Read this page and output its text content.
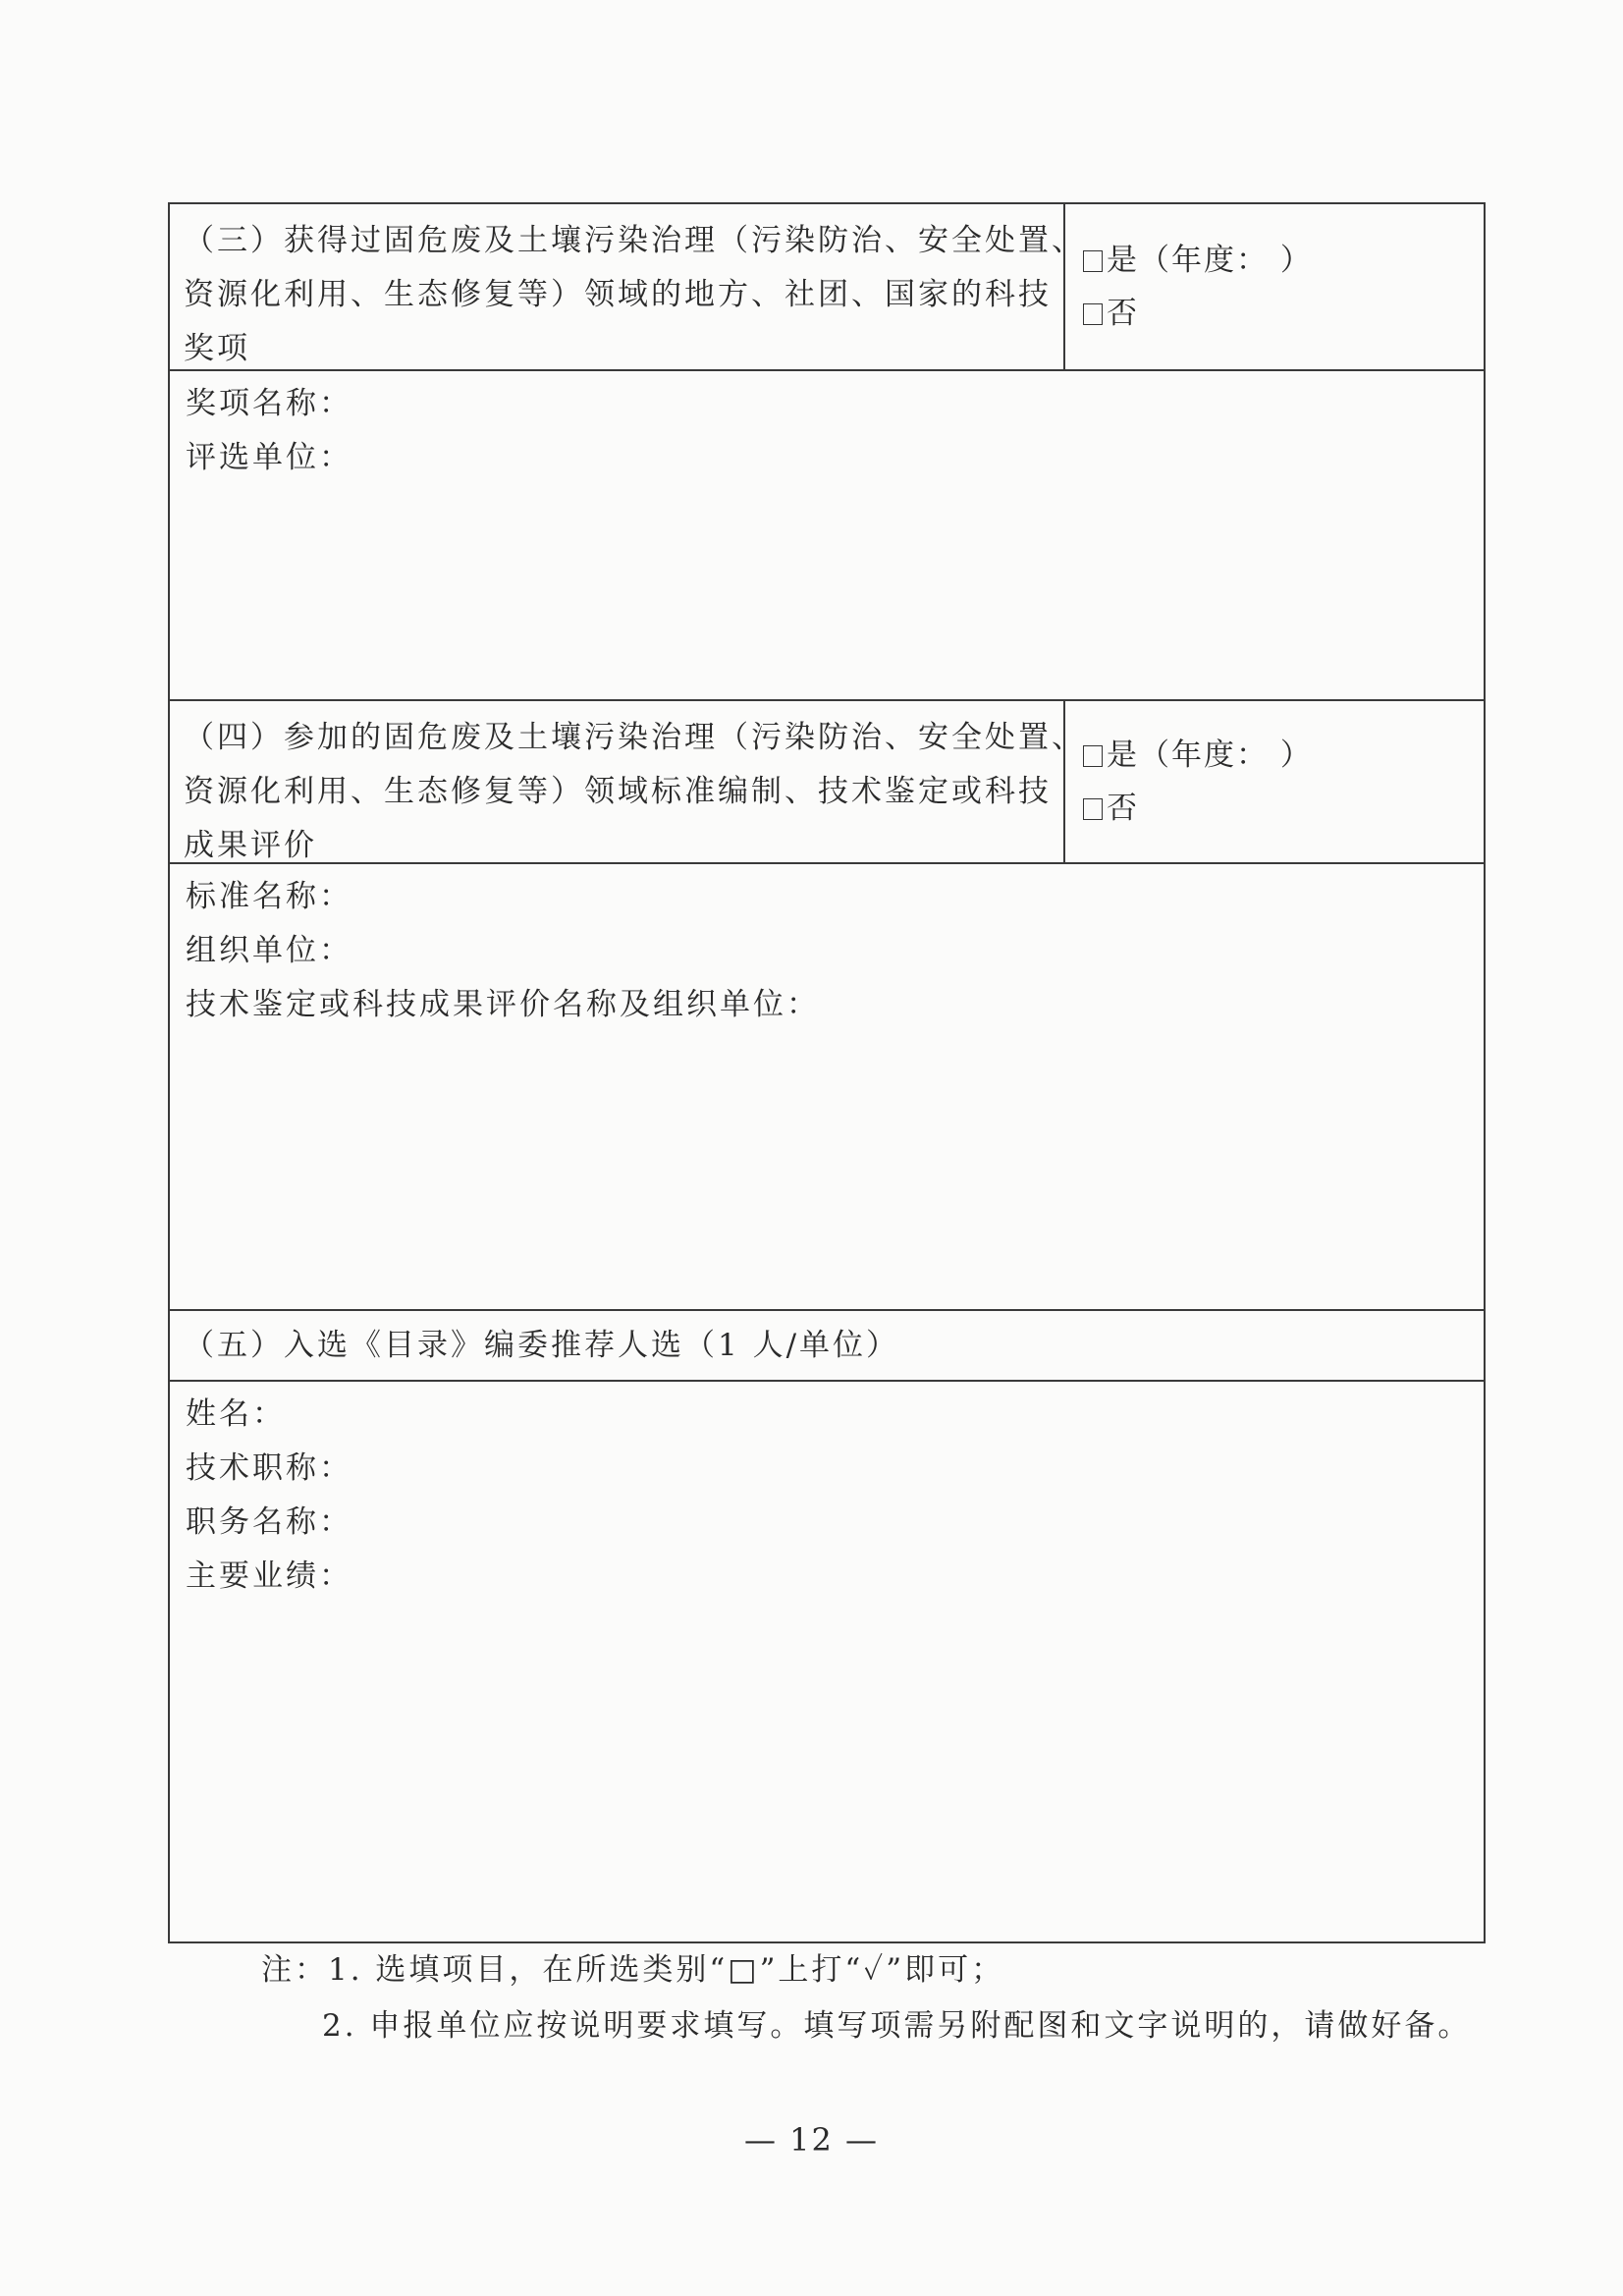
（三）获得过固危废及土壤污染治理（污染防治、安全处置、
资源化利用、生态修复等）领域的地方、社团、国家的科技
奖项
是（年度： ）
否
奖项名称：
评选单位：
（四）参加的固危废及土壤污染治理（污染防治、安全处置、
资源化利用、生态修复等）领域标准编制、技术鉴定或科技
成果评价
是（年度： ）
否
标准名称：
组织单位：
技术鉴定或科技成果评价名称及组织单位：
（五）入选《目录》编委推荐人选（1 人/单位）
姓名：
技术职称：
职务名称：
主要业绩：
注：1. 选填项目，在所选类别“□”上打“✓”即可；
2. 申报单位应按说明要求填写。填写项需另附配图和文字说明的，请做好备。
— 12 —
